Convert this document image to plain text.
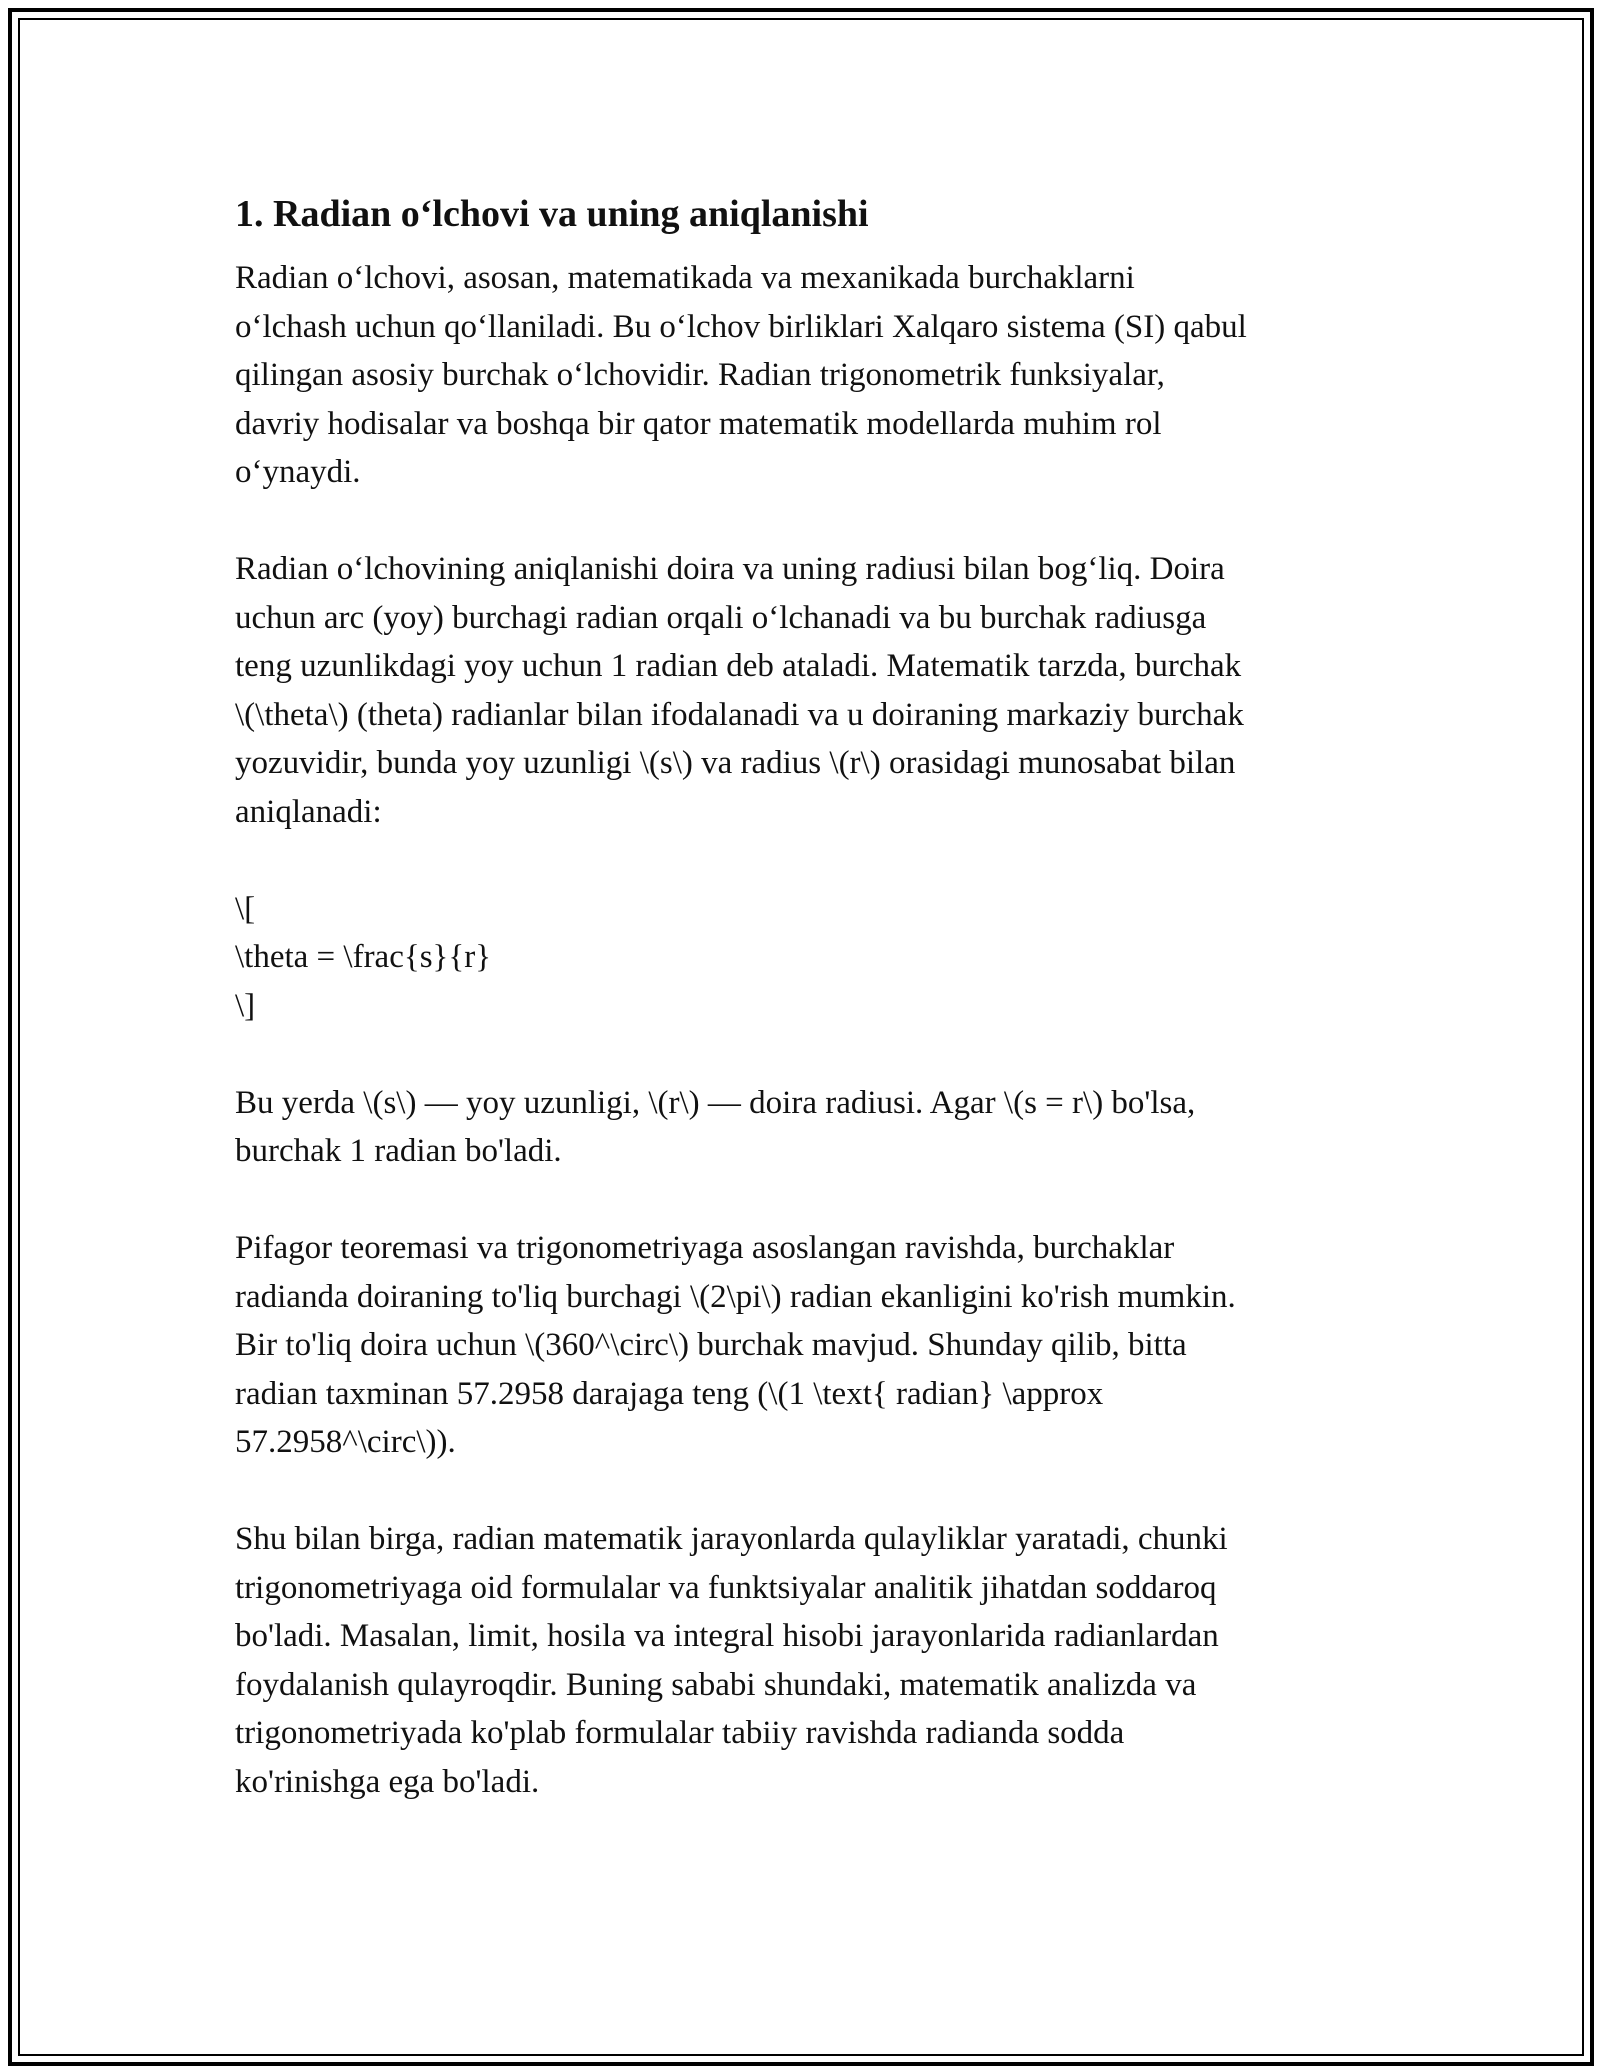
1. Radian o‘lchovi va uning aniqlanishi

Radian o‘lchovi, asosan, matematikada va mexanikada burchaklarni
o‘lchash uchun qo‘llaniladi. Bu o‘lchov birliklari Xalqaro sistema (SI) qabul
qilingan asosiy burchak o‘lchovidir. Radian trigonometrik funksiyalar,
davriy hodisalar va boshqa bir qator matematik modellarda muhim rol
o‘ynaydi.

Radian o‘lchovining aniqlanishi doira va uning radiusi bilan bog‘liq. Doira
uchun arc (yoy) burchagi radian orqali o‘lchanadi va bu burchak radiusga
teng uzunlikdagi yoy uchun 1 radian deb ataladi. Matematik tarzda, burchak
\(\theta\) (theta) radianlar bilan ifodalanadi va u doiraning markaziy burchak
yozuvidir, bunda yoy uzunligi \(s\) va radius \(r\) orasidagi munosabat bilan
aniqlanadi:

\[
\theta = \frac{s}{r}
\]

Bu yerda \(s\) — yoy uzunligi, \(r\) — doira radiusi. Agar \(s = r\) bo'lsa,
burchak 1 radian bo'ladi.

Pifagor teoremasi va trigonometriyaga asoslangan ravishda, burchaklar
radianda doiraning to'liq burchagi \(2\pi\) radian ekanligini ko'rish mumkin.
Bir to'liq doira uchun \(360^\circ\) burchak mavjud. Shunday qilib, bitta
radian taxminan 57.2958 darajaga teng (\(1 \text{ radian} \approx
57.2958^\circ\)).

Shu bilan birga, radian matematik jarayonlarda qulayliklar yaratadi, chunki
trigonometriyaga oid formulalar va funktsiyalar analitik jihatdan soddaroq
bo'ladi. Masalan, limit, hosila va integral hisobi jarayonlarida radianlardan
foydalanish qulayroqdir. Buning sababi shundaki, matematik analizda va
trigonometriyada ko'plab formulalar tabiiy ravishda radianda sodda
ko'rinishga ega bo'ladi.
